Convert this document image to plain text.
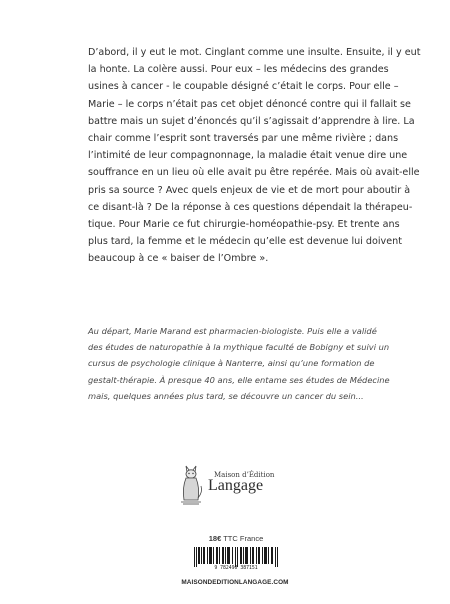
D’abord, il y eut le mot. Cinglant comme une insulte. Ensuite, il y eut
la honte. La colère aussi. Pour eux – les médecins des grandes
usines à cancer - le coupable désigné c’était le corps. Pour elle –
Marie – le corps n’était pas cet objet dénoncé contre qui il fallait se
battre mais un sujet d’énoncés qu’il s’agissait d’apprendre à lire. La
chair comme l’esprit sont traversés par une même rivière ; dans
l’intimité de leur compagnonnage, la maladie était venue dire une
souffrance en un lieu où elle avait pu être repérée. Mais où avait-elle
pris sa source ? Avec quels enjeux de vie et de mort pour aboutir à
ce disant-là ? De la réponse à ces questions dépendait la thérapeu-
tique. Pour Marie ce fut chirurgie-homéopathie-psy. Et trente ans
plus tard, la femme et le médecin qu’elle est devenue lui doivent
beaucoup à ce « baiser de l’Ombre ».
Au départ, Marie Marand est pharmacien-biologiste. Puis elle a validé
des études de naturopathie à la mythique faculté de Bobigny et suivi un
cursus de psychologie clinique à Nanterre, ainsi qu’une formation de
gestalt-thérapie. À presque 40 ans, elle entame ses études de Médecine
mais, quelques années plus tard, se découvre un cancer du sein...
Maison d’Édition
Langage
18€ TTC France
9 782490 387151
MAISONDEDITIONLANGAGE.COM
